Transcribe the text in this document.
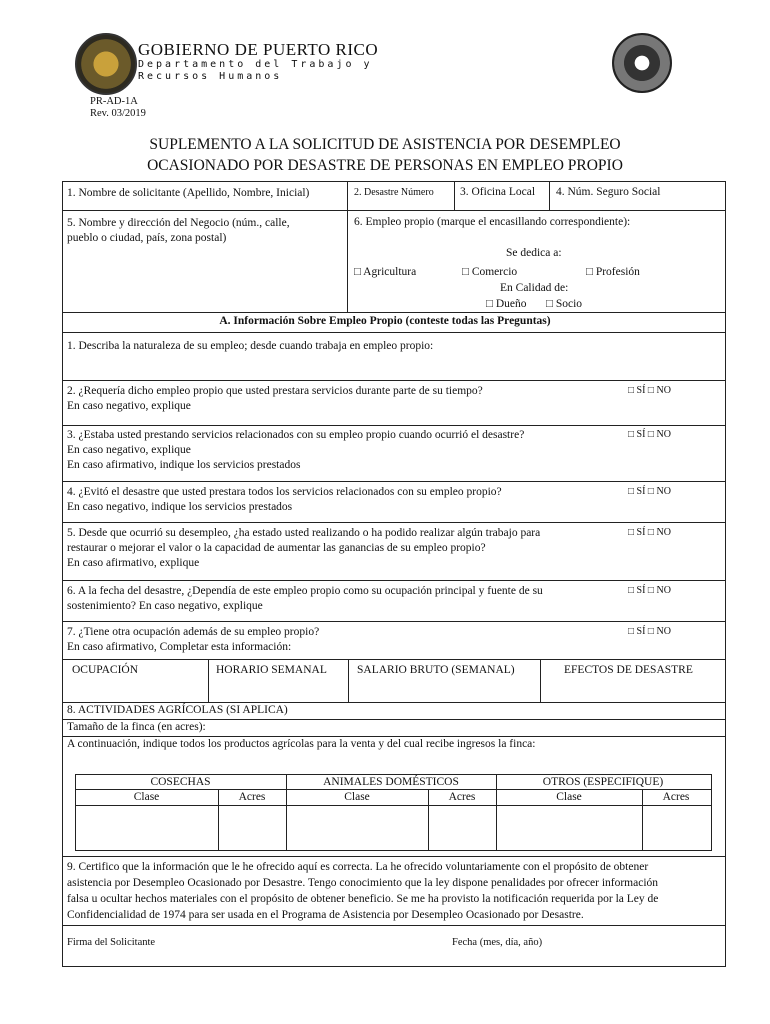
GOBIERNO DE PUERTO RICO
Departamento del Trabajo y
Recursos Humanos
PR-AD-1A
Rev. 03/2019
SUPLEMENTO A LA SOLICITUD DE ASISTENCIA POR DESEMPLEO
OCASIONADO POR DESASTRE DE PERSONAS EN EMPLEO PROPIO
1. Nombre de solicitante (Apellido, Nombre, Inicial)	2. Desastre Número 3. Oficina Local 4. Núm. Seguro Social
5. Nombre y dirección del Negocio (núm., calle,
pueblo o ciudad, país, zona postal)
6. Empleo propio (marque el encasillando correspondiente):
Se dedica a:
□ Agricultura	□ Comercio	□ Profesión
En Calidad de:
□ Dueño □ Socio
A. Información Sobre Empleo Propio (conteste todas las Preguntas)
1. Describa la naturaleza de su empleo; desde cuando trabaja en empleo propio:
2. ¿Requería dicho empleo propio que usted prestara servicios durante parte de su tiempo?
En caso negativo, explique
□ SÍ □ NO
3. ¿Estaba usted prestando servicios relacionados con su empleo propio cuando ocurrió el desastre?
En caso negativo, explique
En caso afirmativo, indique los servicios prestados
□ SÍ □ NO
4. ¿Evitó el desastre que usted prestara todos los servicios relacionados con su empleo propio?
En caso negativo, indique los servicios prestados
□ SÍ □ NO
5. Desde que ocurrió su desempleo, ¿ha estado usted realizando o ha podido realizar algún trabajo para
restaurar o mejorar el valor o la capacidad de aumentar las ganancias de su empleo propio?
En caso afirmativo, explique
□ SÍ □ NO
6. A la fecha del desastre, ¿Dependía de este empleo propio como su ocupación principal y fuente de su
sostenimiento? En caso negativo, explique
□ SÍ □ NO
7. ¿Tiene otra ocupación además de su empleo propio?
En caso afirmativo, Completar esta información:
□ SÍ □ NO
OCUPACIÓN	HORARIO SEMANAL	SALARIO BRUTO (SEMANAL)	EFECTOS DE DESASTRE
8. ACTIVIDADES AGRÍCOLAS (SI APLICA)
Tamaño de la finca (en acres):
A continuación, indique todos los productos agrícolas para la venta y del cual recibe ingresos la finca:
COSECHAS	ANIMALES DOMÉSTICOS	OTROS (ESPECIFIQUE)
Clase	Acres	Clase	Acres	Clase	Acres
9. Certifico que la información que le he ofrecido aquí es correcta. La he ofrecido voluntariamente con el propósito de obtener
asistencia por Desempleo Ocasionado por Desastre. Tengo conocimiento que la ley dispone penalidades por ofrecer información
falsa u ocultar hechos materiales con el propósito de obtener beneficio. Se me ha provisto la notificación requerida por la Ley de
Confidencialidad de 1974 para ser usada en el Programa de Asistencia por Desempleo Ocasionado por Desastre.
Firma del Solicitante	Fecha (mes, día, año)
